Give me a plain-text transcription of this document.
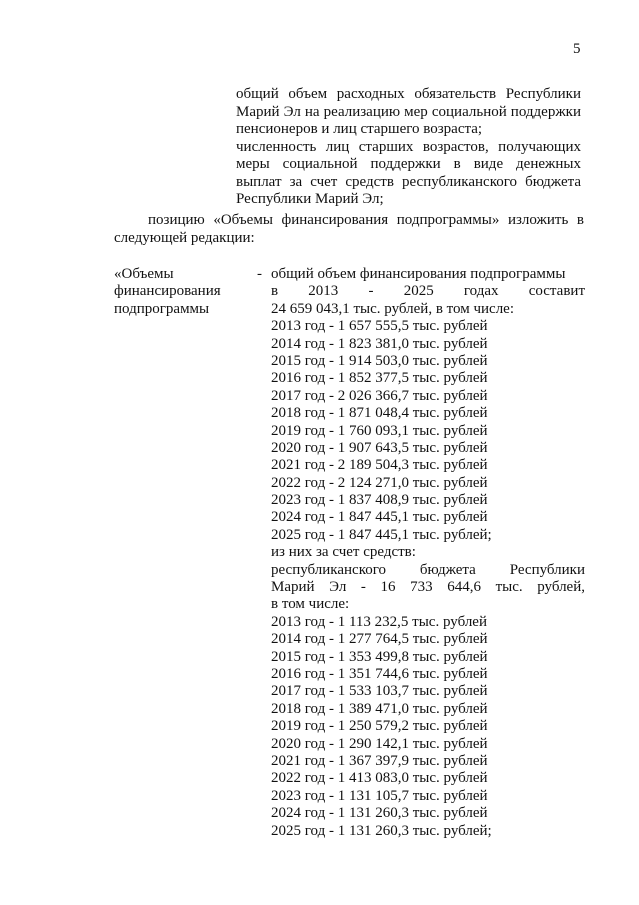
5

общий объем расходных обязательств Республики Марий Эл на реализацию мер социальной поддержки пенсионеров и лиц старшего возраста;

численность лиц старших возрастов, получающих меры социальной поддержки в виде денежных выплат за счет средств республиканского бюджета Республики Марий Эл;

позицию «Объемы финансирования подпрограммы» изложить в следующей редакции:

«Объемы
финансирования
подпрограммы
- общий объем финансирования подпрограммы
в 2013 - 2025 годах составит
24 659 043,1 тыс. рублей, в том числе:
2013 год - 1 657 555,5 тыс. рублей
2014 год - 1 823 381,0 тыс. рублей
2015 год - 1 914 503,0 тыс. рублей
2016 год - 1 852 377,5 тыс. рублей
2017 год - 2 026 366,7 тыс. рублей
2018 год - 1 871 048,4 тыс. рублей
2019 год - 1 760 093,1 тыс. рублей
2020 год - 1 907 643,5 тыс. рублей
2021 год - 2 189 504,3 тыс. рублей
2022 год - 2 124 271,0 тыс. рублей
2023 год - 1 837 408,9 тыс. рублей
2024 год - 1 847 445,1 тыс. рублей
2025 год - 1 847 445,1 тыс. рублей;
из них за счет средств:
республиканского бюджета Республики
Марий Эл - 16 733 644,6 тыс. рублей,
в том числе:
2013 год - 1 113 232,5 тыс. рублей
2014 год - 1 277 764,5 тыс. рублей
2015 год - 1 353 499,8 тыс. рублей
2016 год - 1 351 744,6 тыс. рублей
2017 год - 1 533 103,7 тыс. рублей
2018 год - 1 389 471,0 тыс. рублей
2019 год - 1 250 579,2 тыс. рублей
2020 год - 1 290 142,1 тыс. рублей
2021 год - 1 367 397,9 тыс. рублей
2022 год - 1 413 083,0 тыс. рублей
2023 год - 1 131 105,7 тыс. рублей
2024 год - 1 131 260,3 тыс. рублей
2025 год - 1 131 260,3 тыс. рублей;
